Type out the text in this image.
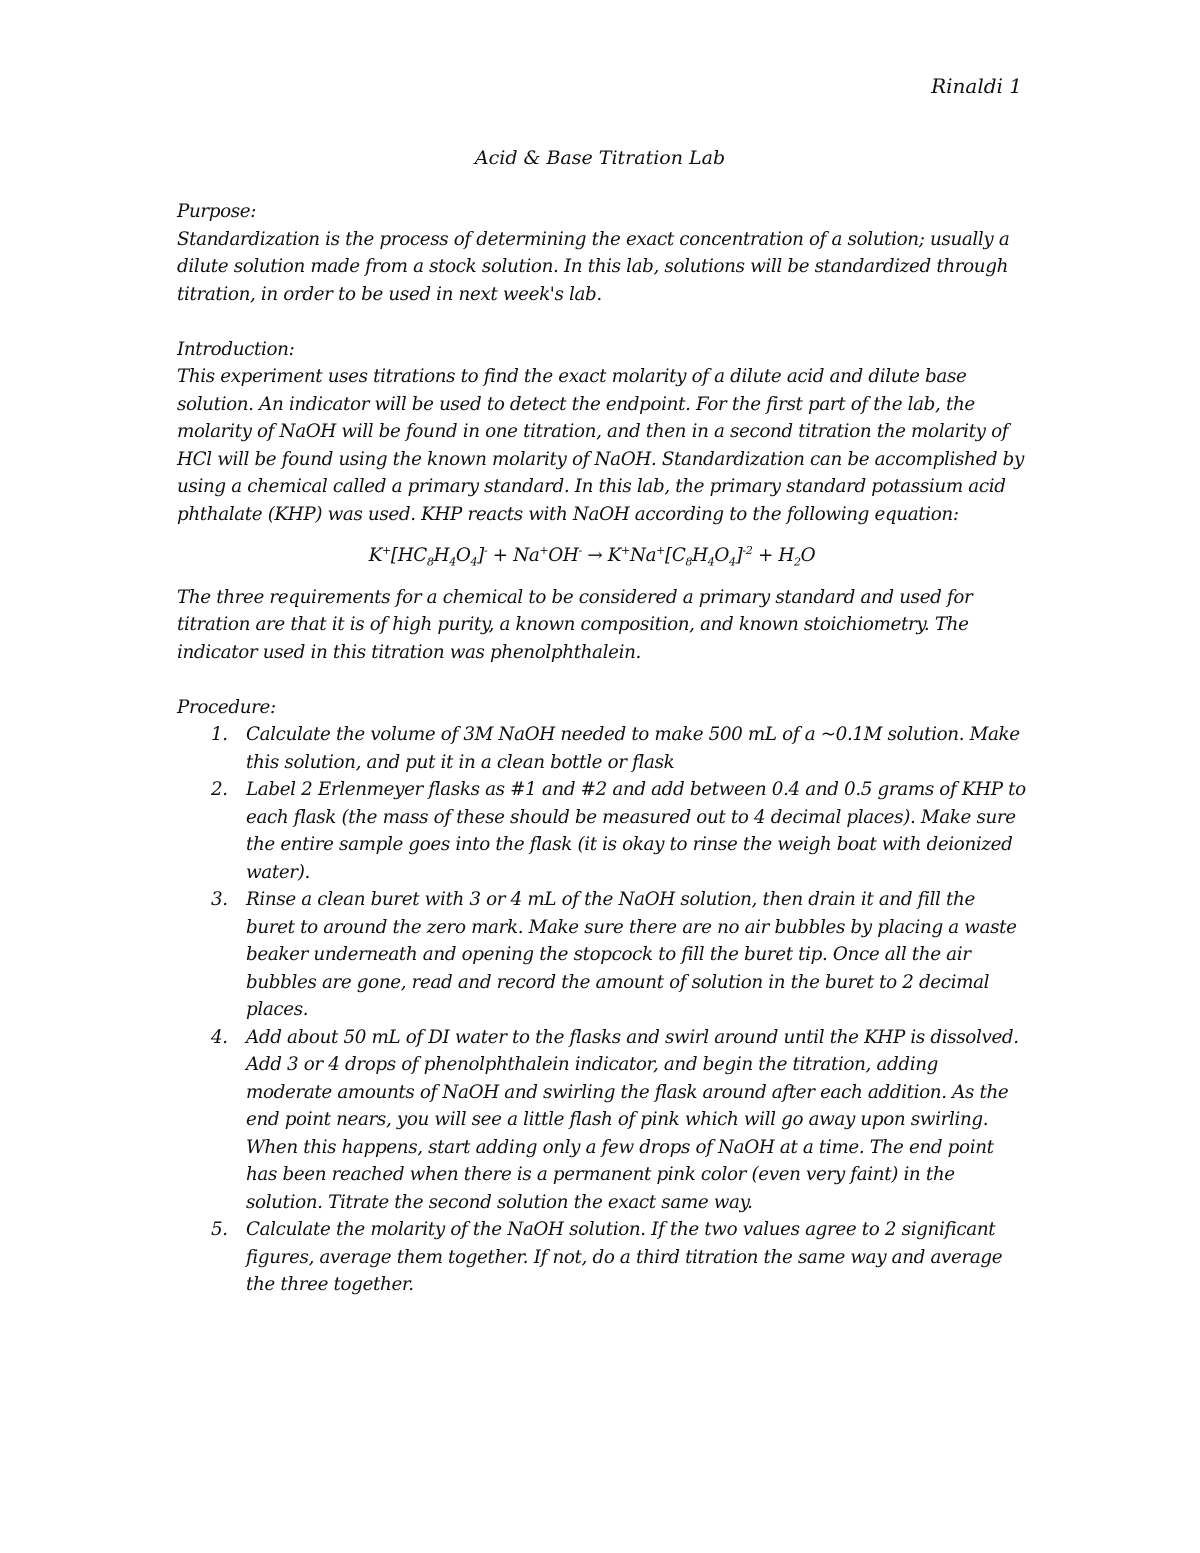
Rinaldi 1
Acid & Base Titration Lab

Purpose:

Standardization is the process of determining the exact concentration of a solution; usually a dilute solution made from a stock solution. In this lab, solutions will be standardized through titration, in order to be used in next week's lab.

Introduction:

This experiment uses titrations to find the exact molarity of a dilute acid and dilute base solution. An indicator will be used to detect the endpoint. For the first part of the lab, the molarity of NaOH will be found in one titration, and then in a second titration the molarity of HCl will be found using the known molarity of NaOH. Standardization can be accomplished by using a chemical called a primary standard. In this lab, the primary standard potassium acid phthalate (KHP) was used. KHP reacts with NaOH according to the following equation:

$K^+[HC_8H_4O_4]^- + Na^+OH^- \to K^+Na^+[C_8H_4O_4]^{-2} + H_2O$

The three requirements for a chemical to be considered a primary standard and used for titration are that it is of high purity, a known composition, and known stoichiometry. The indicator used in this titration was phenolphthalein.

Procedure:

1. Calculate the volume of 3M NaOH needed to make 500 mL of a ~0.1M solution. Make this solution, and put it in a clean bottle or flask
2. Label 2 Erlenmeyer flasks as #1 and #2 and add between 0.4 and 0.5 grams of KHP to each flask (the mass of these should be measured out to 4 decimal places). Make sure the entire sample goes into the flask (it is okay to rinse the weigh boat with deionized water).
3. Rinse a clean buret with 3 or 4 mL of the NaOH solution, then drain it and fill the buret to around the zero mark. Make sure there are no air bubbles by placing a waste beaker underneath and opening the stopcock to fill the buret tip. Once all the air bubbles are gone, read and record the amount of solution in the buret to 2 decimal places.
4. Add about 50 mL of DI water to the flasks and swirl around until the KHP is dissolved. Add 3 or 4 drops of phenolphthalein indicator, and begin the titration, adding moderate amounts of NaOH and swirling the flask around after each addition. As the end point nears, you will see a little flash of pink which will go away upon swirling. When this happens, start adding only a few drops of NaOH at a time. The end point has been reached when there is a permanent pink color (even very faint) in the solution. Titrate the second solution the exact same way.
5. Calculate the molarity of the NaOH solution. If the two values agree to 2 significant figures, average them together. If not, do a third titration the same way and average the three together.
